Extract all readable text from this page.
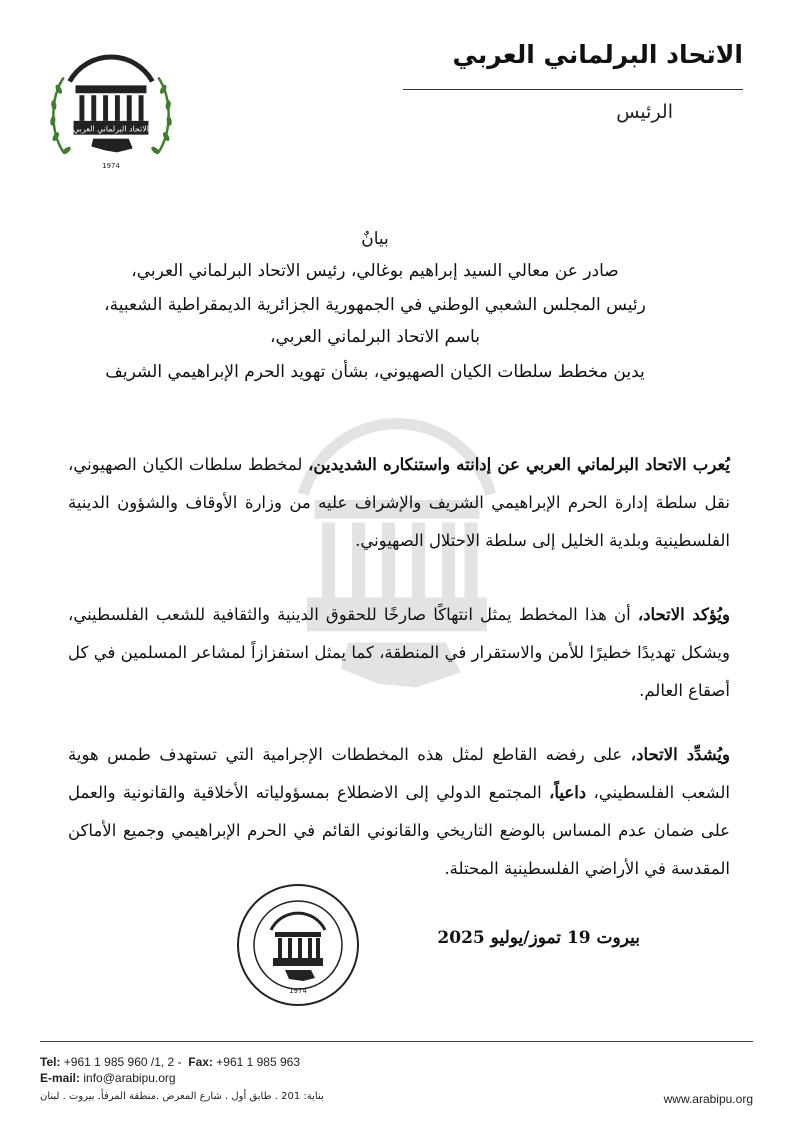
الاتحاد البرلماني العربي
1974
الاتحاد البرلماني العربي
الرئيس
بيانٌ
صادر عن معالي السيد إبراهيم بوغالي، رئيس الاتحاد البرلماني العربي،
رئيس المجلس الشعبي الوطني في الجمهورية الجزائرية الديمقراطية الشعبية،
باسم الاتحاد البرلماني العربي،
يدين مخطط سلطات الكيان الصهيوني، بشأن تهويد الحرم الإبراهيمي الشريف
يُعرب الاتحاد البرلماني العربي عن إدانته واستنكاره الشديدين، لمخطط سلطات الكيان الصهيوني، نقل سلطة إدارة الحرم الإبراهيمي الشريف والإشراف عليه من وزارة الأوقاف والشؤون الدينية الفلسطينية وبلدية الخليل إلى سلطة الاحتلال الصهيوني.
ويُؤكد الاتحاد، أن هذا المخطط يمثل انتهاكًا صارخًا للحقوق الدينية والثقافية للشعب الفلسطيني، ويشكل تهديدًا خطيرًا للأمن والاستقرار في المنطقة، كما يمثل استفزازاً لمشاعر المسلمين في كل أصقاع العالم.
ويُشدِّد الاتحاد، على رفضه القاطع لمثل هذه المخططات الإجرامية التي تستهدف طمس هوية الشعب الفلسطيني، داعياً، المجتمع الدولي إلى الاضطلاع بمسؤولياته الأخلاقية والقانونية والعمل على ضمان عدم المساس بالوضع التاريخي والقانوني القائم في الحرم الإبراهيمي وجميع الأماكن المقدسة في الأراضي الفلسطينية المحتلة.
بيروت 19 تموز/يوليو 2025
1974
Tel: +961 1 985 960 /1, 2 - Fax: +961 1 985 963
E-mail: info@arabipu.org
بناية: 201 . طابق أول . شارع المعرض .منطقة المرفأ. بيروت . لبنان	www.arabipu.org
